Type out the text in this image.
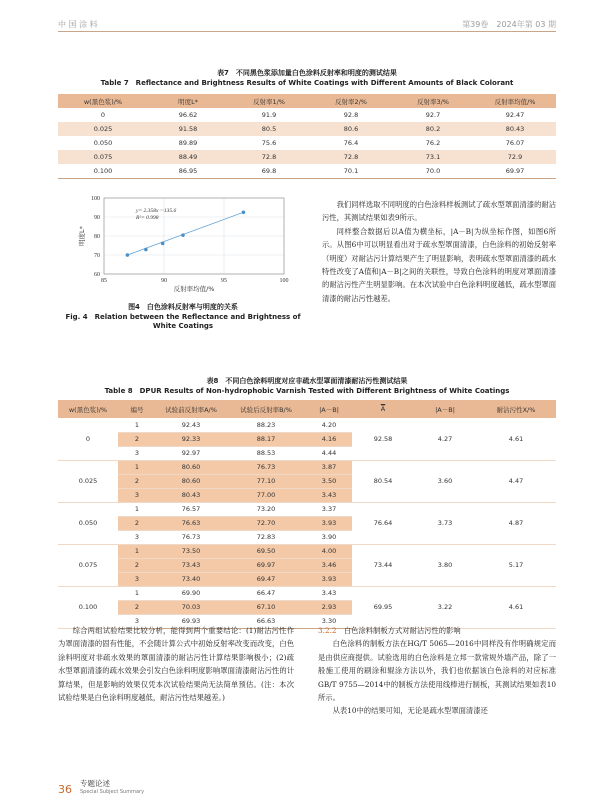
中 国 涂 料	第39卷　2024年第 03 期
表7　不同黑色浆添加量白色涂料反射率和明度的测试结果
Table 7　Reflectance and Brightness Results of White Coatings with Different Amounts of Black Colorant
w(黑色浆)/%	明度L*	反射率1/%	反射率2/%	反射率3/%	反射率均值/%
0	96.62	91.9	92.8	92.7	92.47
0.025	91.58	80.5	80.6	80.2	80.43
0.050	89.89	75.6	76.4	76.2	76.07
0.075	88.49	72.8	72.8	73.1	72.9
0.100	86.95	69.8	70.1	70.0	69.97
60
70
80
90
100
85	90	95	100
反射率均值/%
明度L*
y= 2.358x－135.6
R²= 0.998
图4　白色涂料反射率与明度的关系
Fig. 4　Relation between the Reflectance and Brightness of
White Coatings

我们同样选取不同明度的白色涂料样板测试了疏水型罩面清漆的耐沾污性，其测试结果如表9所示。

同样整合数据后以A值为横坐标，|A－B|为纵坐标作图，如图6所示。从图6中可以明显看出对于疏水型罩面清漆，白色涂料的初始反射率（明度）对耐沾污计算结果产生了明显影响，表明疏水型罩面清漆的疏水特性改变了A值和|A－B|之间的关联性，导致白色涂料的明度对罩面清漆的耐沾污性产生明显影响。在本次试验中白色涂料明度越低，疏水型罩面清漆的耐沾污性越差。

表8　不同白色涂料明度对应非疏水型罩面清漆耐沾污性测试结果
Table 8　DPUR Results of Non-hydrophobic Varnish Tested with Different Brightness of White Coatings
w(黑色浆)/%	编号	试验前反射率A/%	试验后反射率B/%	|A－B|	A̅	|A－B|	耐沾污性X/%
0	1	92.43	88.23	4.20	92.58	4.27	4.61
	2	92.33	88.17	4.16			
	3	92.97	88.53	4.44			
0.025	1	80.60	76.73	3.87	80.54	3.60	4.47
	2	80.60	77.10	3.50			
	3	80.43	77.00	3.43			
0.050	1	76.57	73.20	3.37	76.64	3.73	4.87
	2	76.63	72.70	3.93			
	3	76.73	72.83	3.90			
0.075	1	73.50	69.50	4.00	73.44	3.80	5.17
	2	73.43	69.97	3.46			
	3	73.40	69.47	3.93			
0.100	1	69.90	66.47	3.43	69.95	3.22	4.61
	2	70.03	67.10	2.93			
	3	69.93	66.63	3.30			

综合两组试验结果比较分析，能得到两个重要结论：(1)耐沾污性作为罩面清漆的固有性能，不会随计算公式中初始反射率改变而改变，白色涂料明度对非疏水效果的罩面清漆的耐沾污性计算结果影响极小；(2)疏水型罩面清漆的疏水效果会引发白色涂料明度影响罩面清漆耐沾污性的计算结果，但是影响的效果仅凭本次试验结果尚无法简单预估。(注：本次试验结果是白色涂料明度越低，耐沾污性结果越差。)

3.2.2　 白色涂料制板方式对耐沾污性的影响

白色涂料的制板方法在HG/T 5065—2016中同样没有作明确规定而是由供应商提供。试验选用的白色涂料是立邦一款常规外墙产品，除了一般施工使用的刷涂和辊涂方法以外，我们也依据该白色涂料的对应标准GB/T 9755—2014中的制板方法使用线棒进行制板，其测试结果如表10所示。

从表10中的结果可知，无论是疏水型罩面清漆还

36 专题论述
Special Subject Summary
